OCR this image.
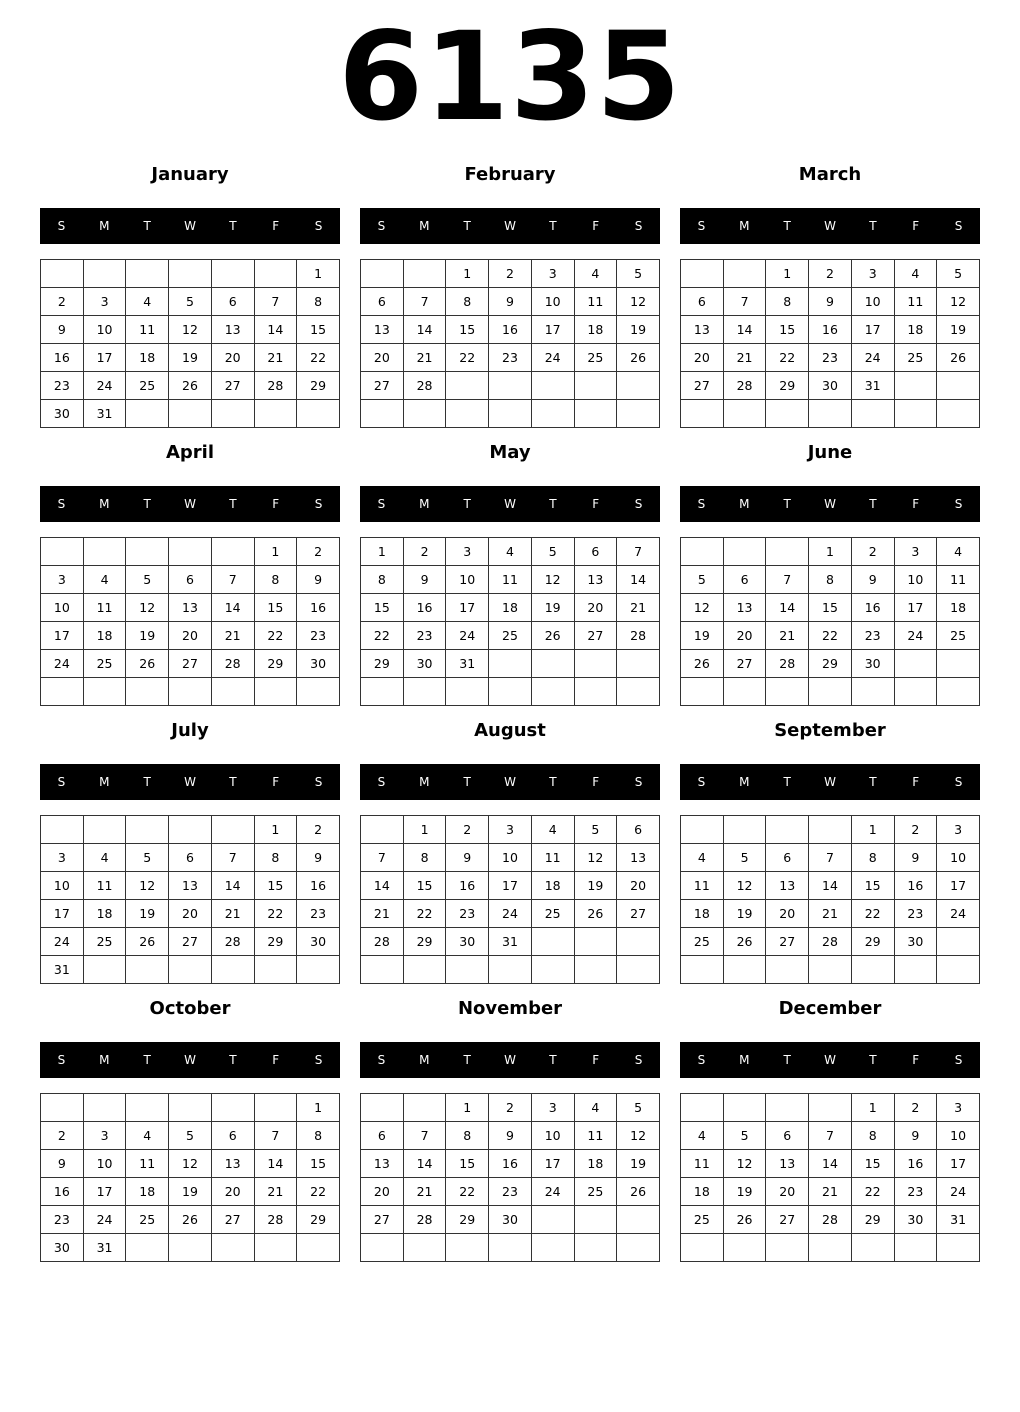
6135
January
S	M	T	W	T	F	S
						1
2	3	4	5	6	7	8
9	10	11	12	13	14	15
16	17	18	19	20	21	22
23	24	25	26	27	28	29
30	31					
February
S	M	T	W	T	F	S
		1	2	3	4	5
6	7	8	9	10	11	12
13	14	15	16	17	18	19
20	21	22	23	24	25	26
27	28					

March
S	M	T	W	T	F	S
		1	2	3	4	5
6	7	8	9	10	11	12
13	14	15	16	17	18	19
20	21	22	23	24	25	26
27	28	29	30	31		

April
S	M	T	W	T	F	S
					1	2
3	4	5	6	7	8	9
10	11	12	13	14	15	16
17	18	19	20	21	22	23
24	25	26	27	28	29	30

May
S	M	T	W	T	F	S
1	2	3	4	5	6	7
8	9	10	11	12	13	14
15	16	17	18	19	20	21
22	23	24	25	26	27	28
29	30	31				

June
S	M	T	W	T	F	S
			1	2	3	4
5	6	7	8	9	10	11
12	13	14	15	16	17	18
19	20	21	22	23	24	25
26	27	28	29	30		

July
S	M	T	W	T	F	S
					1	2
3	4	5	6	7	8	9
10	11	12	13	14	15	16
17	18	19	20	21	22	23
24	25	26	27	28	29	30
31						
August
S	M	T	W	T	F	S
	1	2	3	4	5	6
7	8	9	10	11	12	13
14	15	16	17	18	19	20
21	22	23	24	25	26	27
28	29	30	31			

September
S	M	T	W	T	F	S
				1	2	3
4	5	6	7	8	9	10
11	12	13	14	15	16	17
18	19	20	21	22	23	24
25	26	27	28	29	30	

October
S	M	T	W	T	F	S
						1
2	3	4	5	6	7	8
9	10	11	12	13	14	15
16	17	18	19	20	21	22
23	24	25	26	27	28	29
30	31					
November
S	M	T	W	T	F	S
		1	2	3	4	5
6	7	8	9	10	11	12
13	14	15	16	17	18	19
20	21	22	23	24	25	26
27	28	29	30			

December
S	M	T	W	T	F	S
				1	2	3
4	5	6	7	8	9	10
11	12	13	14	15	16	17
18	19	20	21	22	23	24
25	26	27	28	29	30	31
